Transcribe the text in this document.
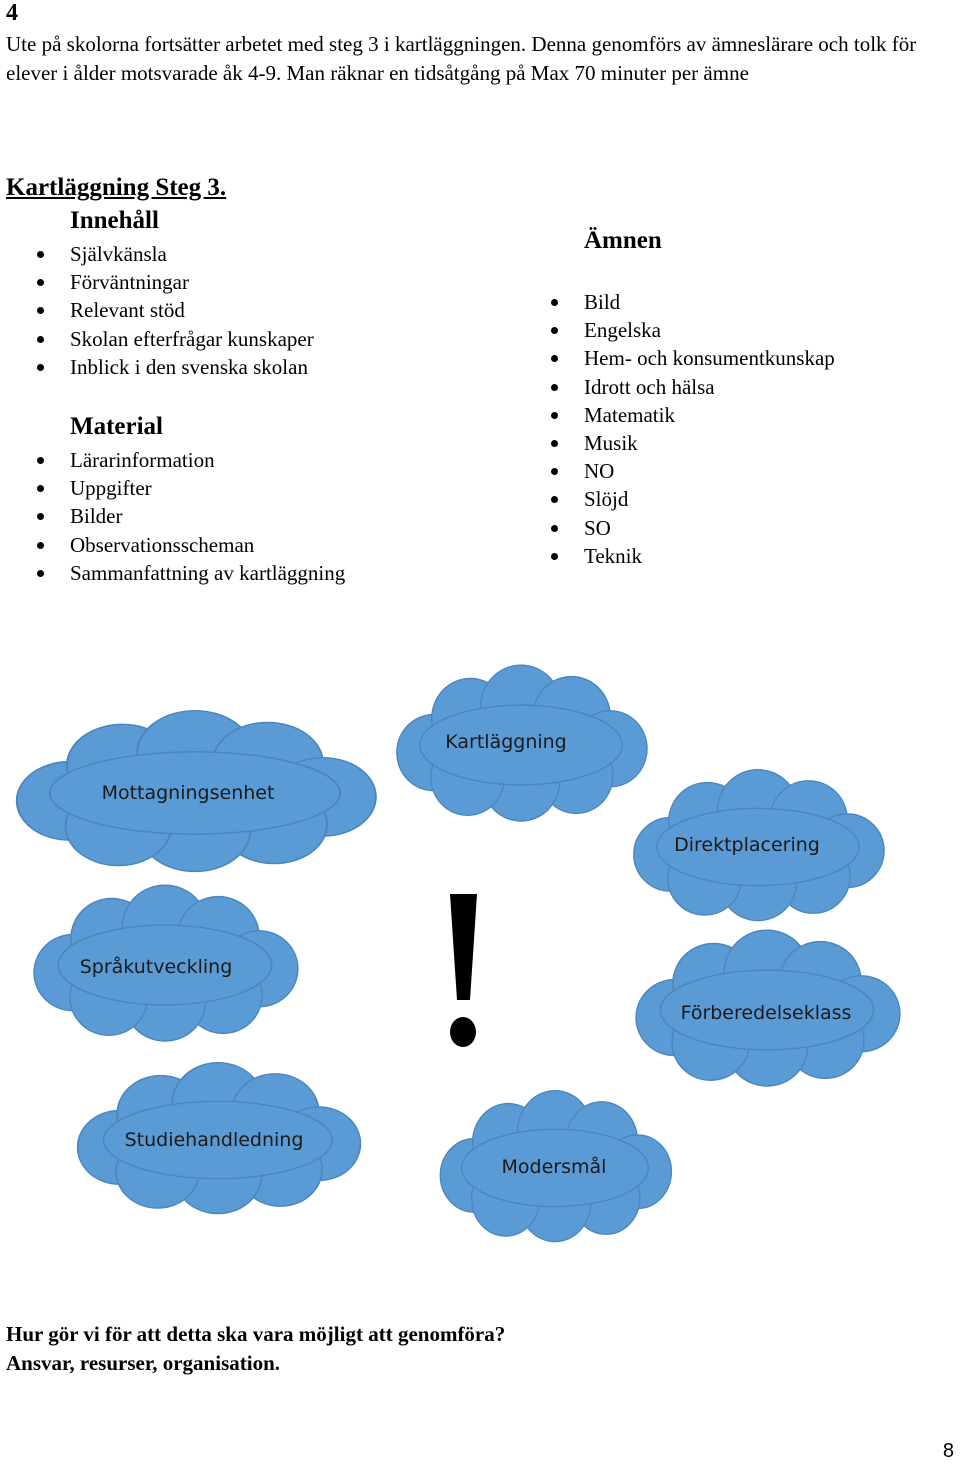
4
Ute på skolorna fortsätter arbetet med steg 3 i kartläggningen. Denna genomförs av ämneslärare och tolk för elever i ålder motsvarade åk 4-9. Man räknar en tidsåtgång på Max 70 minuter per ämne
Kartläggning Steg 3.
Innehåll
Självkänsla
Förväntningar
Relevant stöd
Skolan efterfrågar kunskaper
Inblick i den svenska skolan
Material
Lärarinformation
Uppgifter
Bilder
Observationsscheman
Sammanfattning av kartläggning
Ämnen
Bild
Engelska
Hem- och konsumentkunskap
Idrott och hälsa
Matematik
Musik
NO
Slöjd
SO
Teknik
Mottagningsenhet
Kartläggning
Direktplacering
Språkutveckling
Förberedelseklass
Studiehandledning
Modersmål
Hur gör vi för att detta ska vara möjligt att genomföra?
Ansvar, resurser, organisation.
8
